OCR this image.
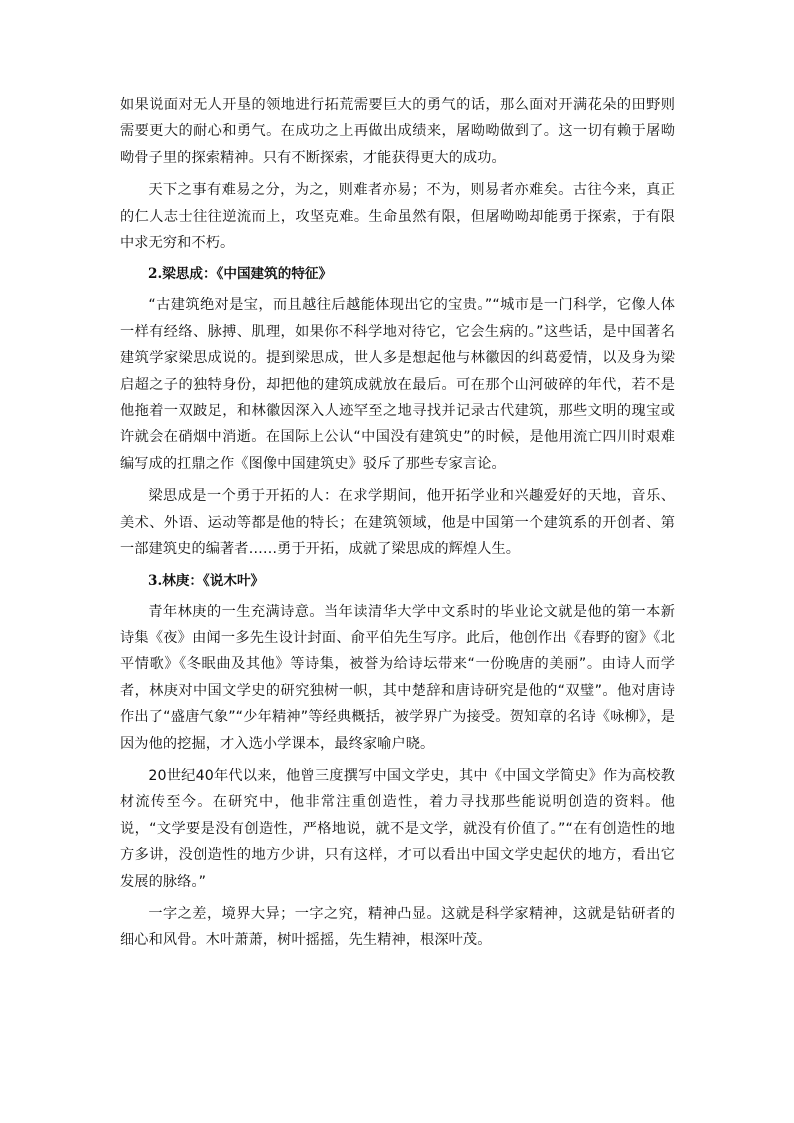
如果说面对无人开垦的领地进行拓荒需要巨大的勇气的话，那么面对开满花朵的田野则需要更大的耐心和勇气。在成功之上再做出成绩来，屠呦呦做到了。这一切有赖于屠呦呦骨子里的探索精神。只有不断探索，才能获得更大的成功。

天下之事有难易之分，为之，则难者亦易；不为，则易者亦难矣。古往今来，真正的仁人志士往往逆流而上，攻坚克难。生命虽然有限，但屠呦呦却能勇于探索，于有限中求无穷和不朽。

2.梁思成：《中国建筑的特征》

“古建筑绝对是宝，而且越往后越能体现出它的宝贵。”“城市是一门科学，它像人体一样有经络、脉搏、肌理，如果你不科学地对待它，它会生病的。”这些话，是中国著名建筑学家梁思成说的。提到梁思成，世人多是想起他与林徽因的纠葛爱情，以及身为梁启超之子的独特身份，却把他的建筑成就放在最后。可在那个山河破碎的年代，若不是他拖着一双跛足，和林徽因深入人迹罕至之地寻找并记录古代建筑，那些文明的瑰宝或许就会在硝烟中消逝。在国际上公认“中国没有建筑史”的时候，是他用流亡四川时艰难编写成的扛鼎之作《图像中国建筑史》驳斥了那些专家言论。

梁思成是一个勇于开拓的人：在求学期间，他开拓学业和兴趣爱好的天地，音乐、美术、外语、运动等都是他的特长；在建筑领域，他是中国第一个建筑系的开创者、第一部建筑史的编著者……勇于开拓，成就了梁思成的辉煌人生。

3.林庚：《说木叶》

青年林庚的一生充满诗意。当年读清华大学中文系时的毕业论文就是他的第一本新诗集《夜》由闻一多先生设计封面、俞平伯先生写序。此后，他创作出《春野的窗》《北平情歌》《冬眠曲及其他》等诗集，被誉为给诗坛带来“一份晚唐的美丽”。由诗人而学者，林庚对中国文学史的研究独树一帜，其中楚辞和唐诗研究是他的“双璧”。他对唐诗作出了“盛唐气象”“少年精神”等经典概括，被学界广为接受。贺知章的名诗《咏柳》，是因为他的挖掘，才入选小学课本，最终家喻户晓。

20世纪40年代以来，他曾三度撰写中国文学史，其中《中国文学简史》作为高校教材流传至今。在研究中，他非常注重创造性，着力寻找那些能说明创造的资料。他说，“文学要是没有创造性，严格地说，就不是文学，就没有价值了。”“在有创造性的地方多讲，没创造性的地方少讲，只有这样，才可以看出中国文学史起伏的地方，看出它发展的脉络。”

一字之差，境界大异；一字之究，精神凸显。这就是科学家精神，这就是钻研者的细心和风骨。木叶萧萧，树叶摇摇，先生精神，根深叶茂。
